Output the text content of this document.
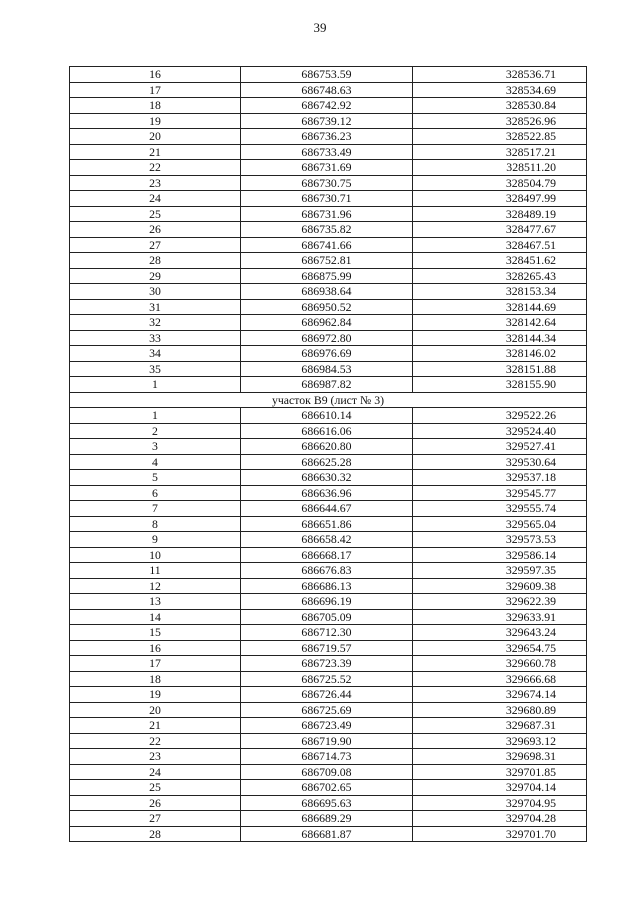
39
16	686753.59	328536.71
17	686748.63	328534.69
18	686742.92	328530.84
19	686739.12	328526.96
20	686736.23	328522.85
21	686733.49	328517.21
22	686731.69	328511.20
23	686730.75	328504.79
24	686730.71	328497.99
25	686731.96	328489.19
26	686735.82	328477.67
27	686741.66	328467.51
28	686752.81	328451.62
29	686875.99	328265.43
30	686938.64	328153.34
31	686950.52	328144.69
32	686962.84	328142.64
33	686972.80	328144.34
34	686976.69	328146.02
35	686984.53	328151.88
1	686987.82	328155.90
участок В9 (лист № 3)		
1	686610.14	329522.26
2	686616.06	329524.40
3	686620.80	329527.41
4	686625.28	329530.64
5	686630.32	329537.18
6	686636.96	329545.77
7	686644.67	329555.74
8	686651.86	329565.04
9	686658.42	329573.53
10	686668.17	329586.14
11	686676.83	329597.35
12	686686.13	329609.38
13	686696.19	329622.39
14	686705.09	329633.91
15	686712.30	329643.24
16	686719.57	329654.75
17	686723.39	329660.78
18	686725.52	329666.68
19	686726.44	329674.14
20	686725.69	329680.89
21	686723.49	329687.31
22	686719.90	329693.12
23	686714.73	329698.31
24	686709.08	329701.85
25	686702.65	329704.14
26	686695.63	329704.95
27	686689.29	329704.28
28	686681.87	329701.70
